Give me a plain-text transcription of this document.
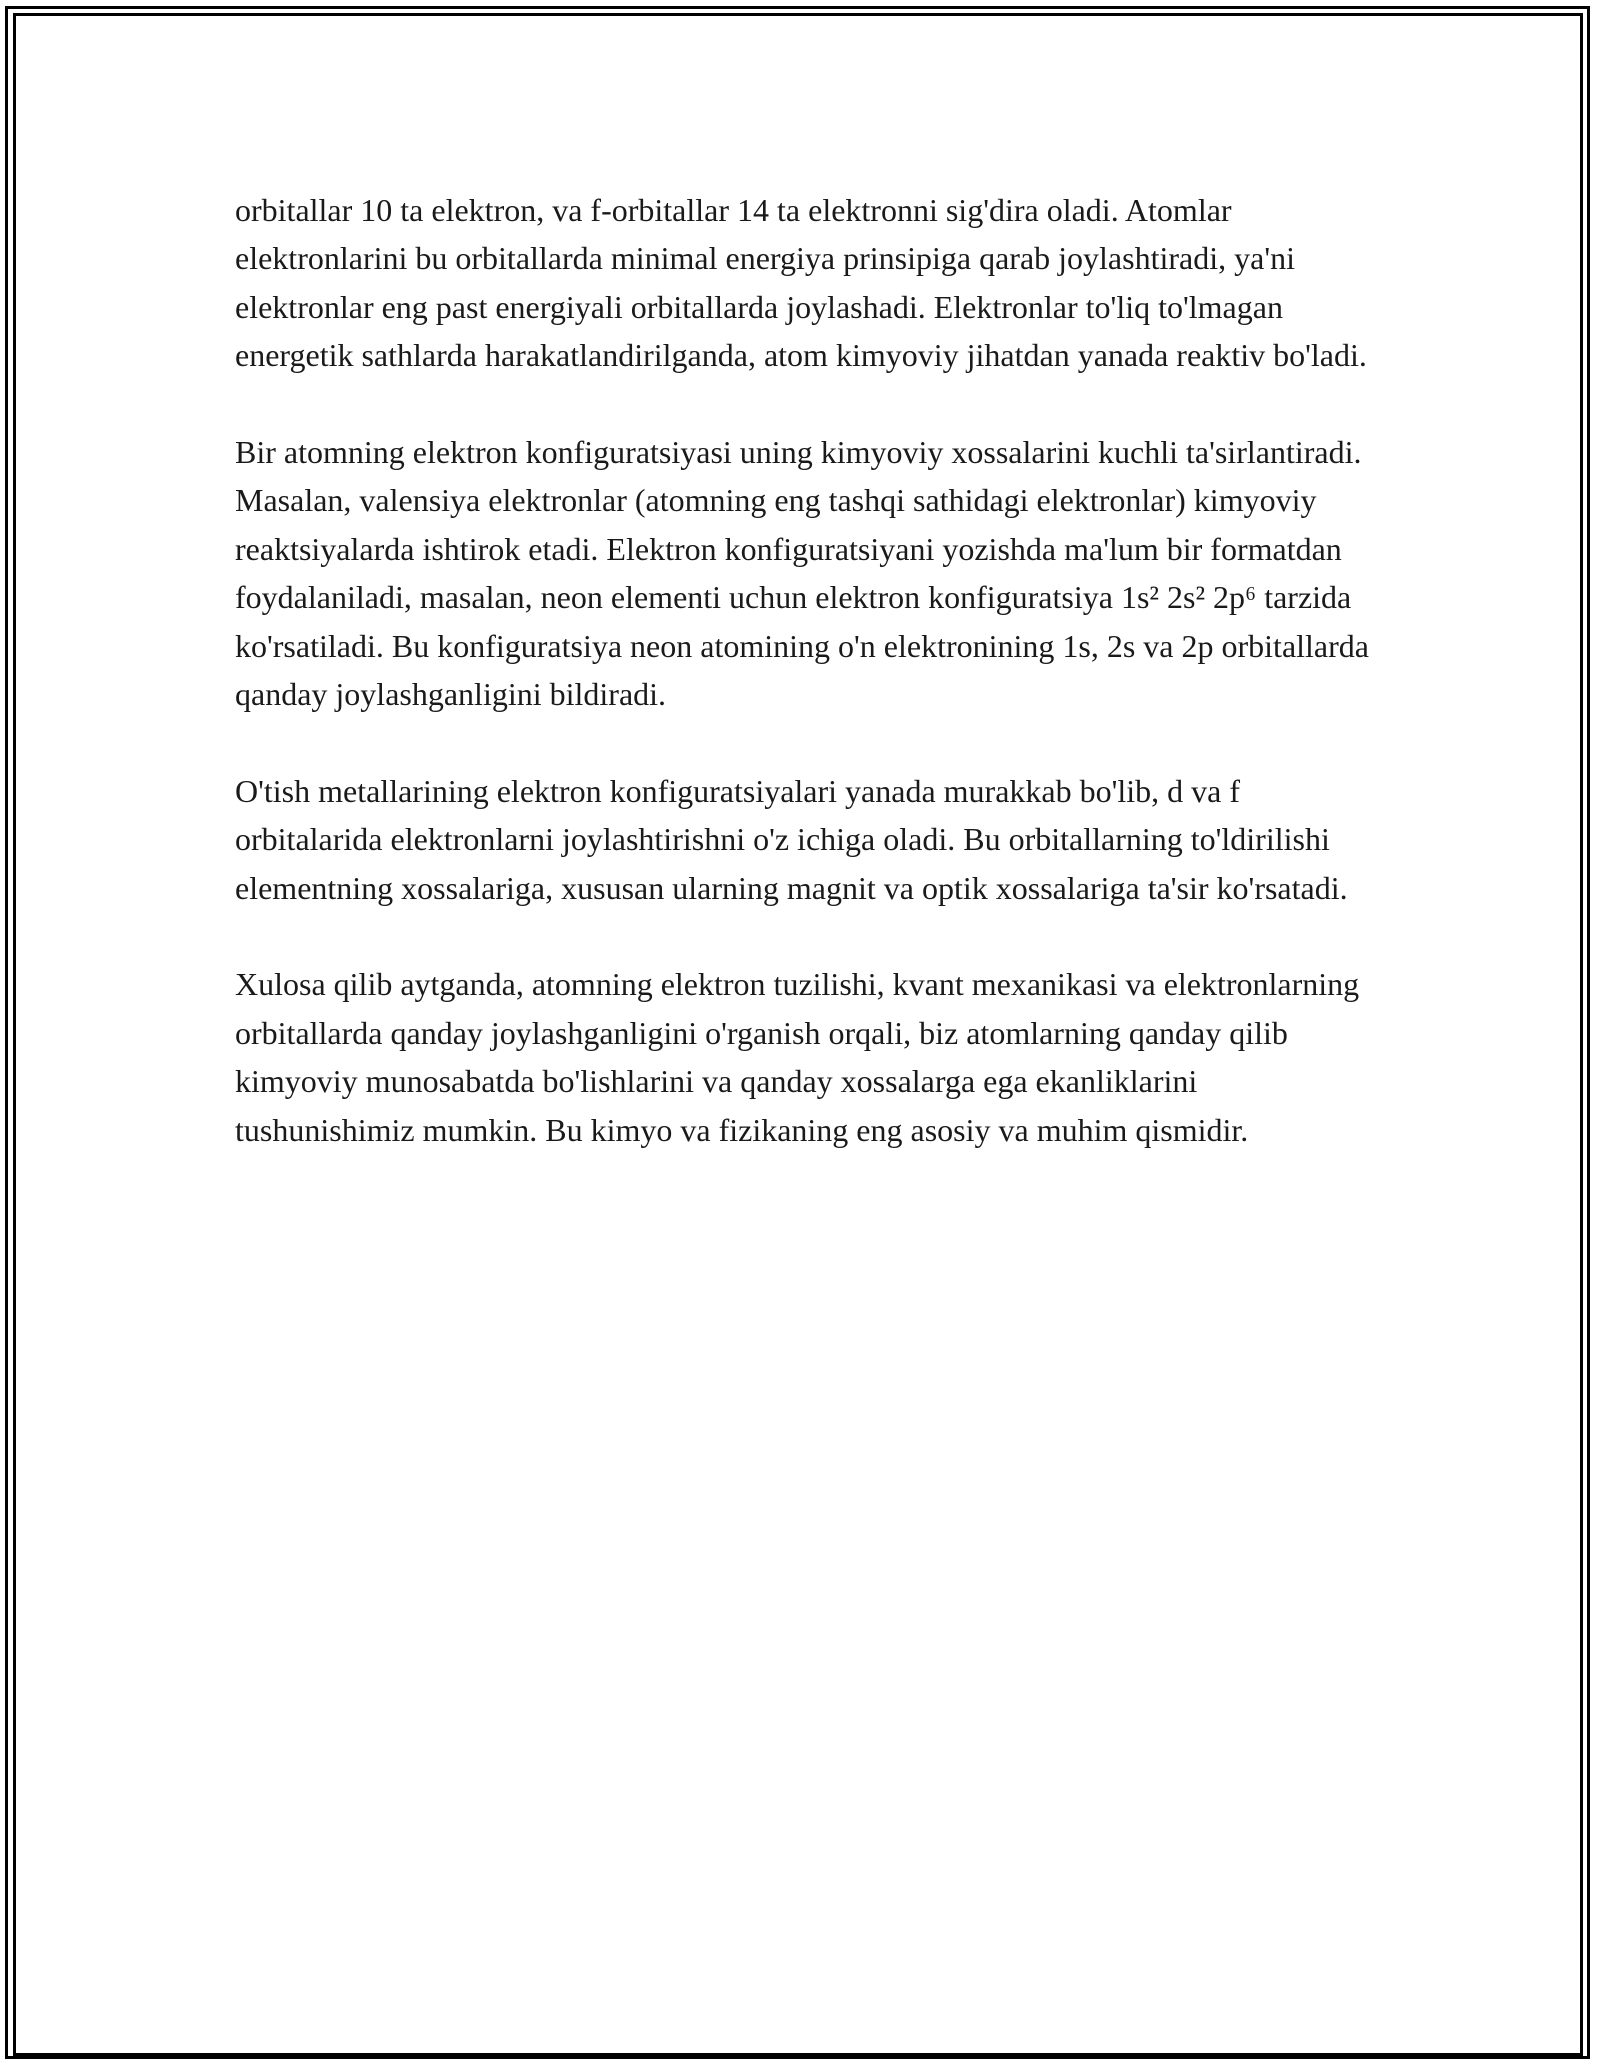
orbitallar 10 ta elektron, va f-orbitallar 14 ta elektronni sig'dira oladi. Atomlar elektronlarini bu orbitallarda minimal energiya prinsipiga qarab joylashtiradi, ya'ni elektronlar eng past energiyali orbitallarda joylashadi. Elektronlar to'liq to'lmagan energetik sathlarda harakatlandirilganda, atom kimyoviy jihatdan yanada reaktiv bo'ladi.

Bir atomning elektron konfiguratsiyasi uning kimyoviy xossalarini kuchli ta'sirlantiradi. Masalan, valensiya elektronlar (atomning eng tashqi sathidagi elektronlar) kimyoviy reaktsiyalarda ishtirok etadi. Elektron konfiguratsiyani yozishda ma'lum bir formatdan foydalaniladi, masalan, neon elementi uchun elektron konfiguratsiya 1s² 2s² 2p⁶ tarzida ko'rsatiladi. Bu konfiguratsiya neon atomining o'n elektronining 1s, 2s va 2p orbitallarda qanday joylashganligini bildiradi.

O'tish metallarining elektron konfiguratsiyalari yanada murakkab bo'lib, d va f orbitalarida elektronlarni joylashtirishni o'z ichiga oladi. Bu orbitallarning to'ldirilishi elementning xossalariga, xususan ularning magnit va optik xossalariga ta'sir ko'rsatadi.

Xulosa qilib aytganda, atomning elektron tuzilishi, kvant mexanikasi va elektronlarning orbitallarda qanday joylashganligini o'rganish orqali, biz atomlarning qanday qilib kimyoviy munosabatda bo'lishlarini va qanday xossalarga ega ekanliklarini tushunishimiz mumkin. Bu kimyo va fizikaning eng asosiy va muhim qismidir.
